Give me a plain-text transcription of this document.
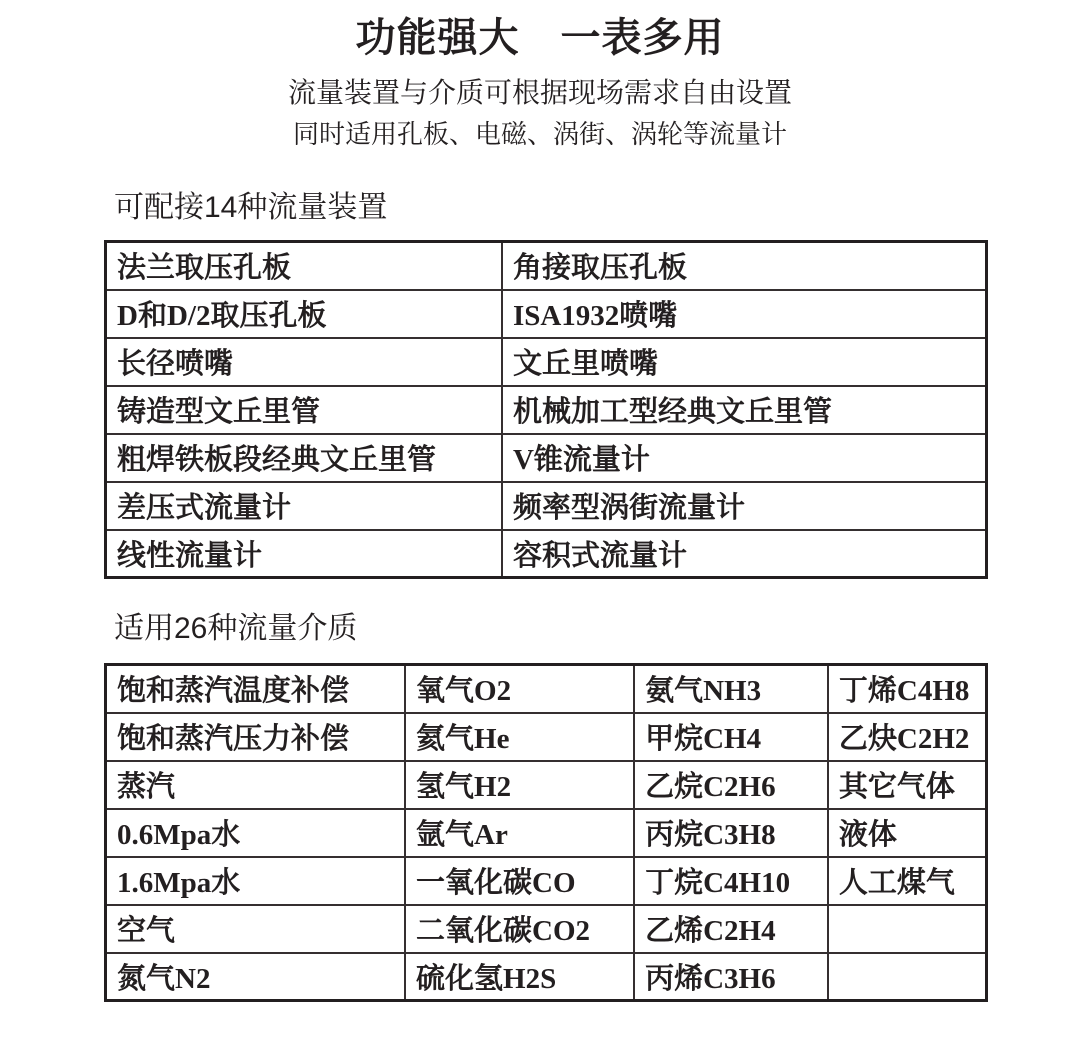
功能强大　一表多用
流量装置与介质可根据现场需求自由设置
同时适用孔板、电磁、涡街、涡轮等流量计
可配接14种流量装置
法兰取压孔板	角接取压孔板
D和D/2取压孔板	ISA1932喷嘴
长径喷嘴	文丘里喷嘴
铸造型文丘里管	机械加工型经典文丘里管
粗焊铁板段经典文丘里管	V锥流量计
差压式流量计	频率型涡街流量计
线性流量计	容积式流量计
适用26种流量介质
饱和蒸汽温度补偿	氧气O2	氨气NH3	丁烯C4H8
饱和蒸汽压力补偿	氦气He	甲烷CH4	乙炔C2H2
蒸汽	氢气H2	乙烷C2H6	其它气体
0.6Mpa水	氩气Ar	丙烷C3H8	液体
1.6Mpa水	一氧化碳CO	丁烷C4H10	人工煤气
空气	二氧化碳CO2	乙烯C2H4	
氮气N2	硫化氢H2S	丙烯C3H6	
